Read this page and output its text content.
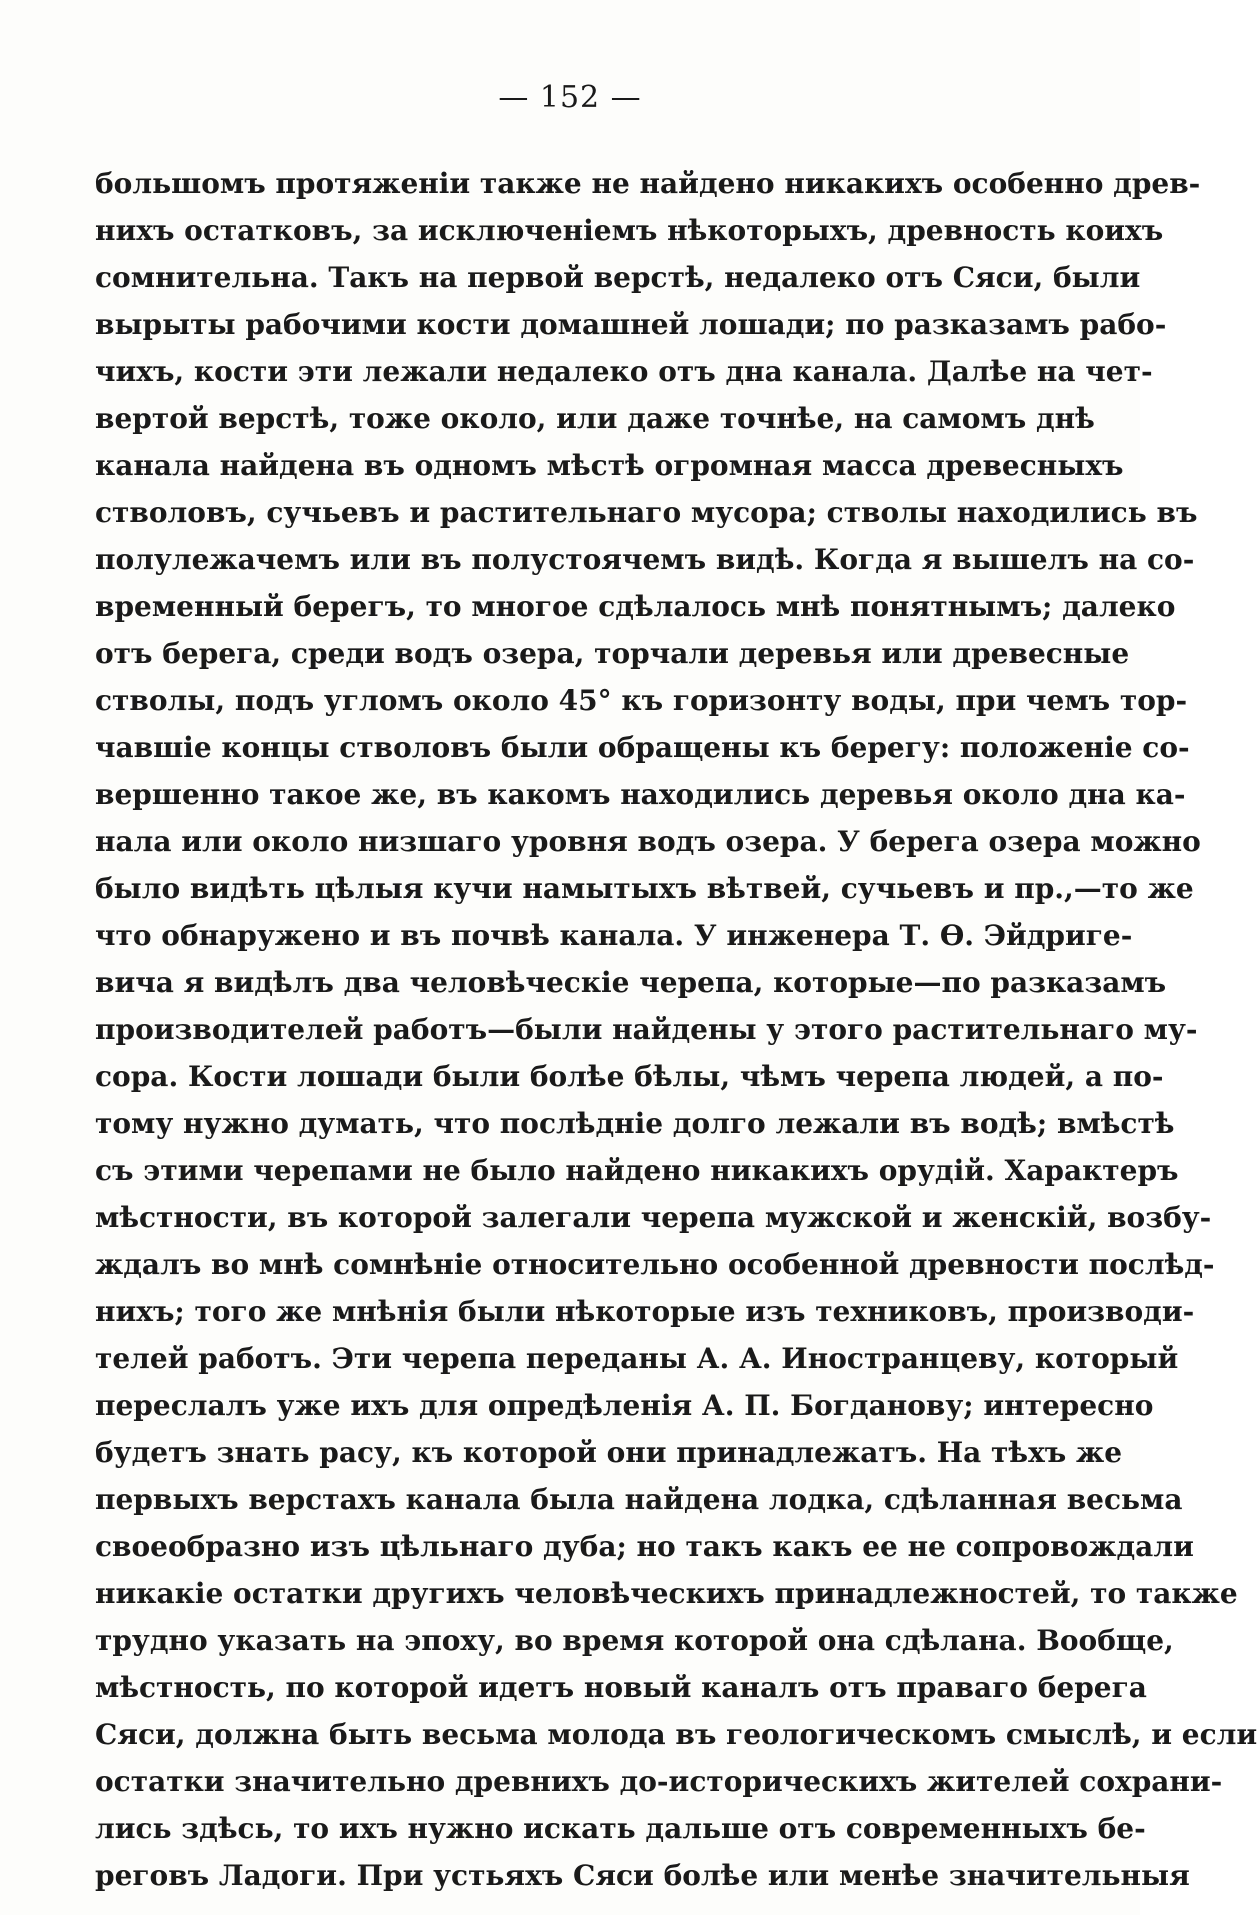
— 152 —
большомъ протяженіи также не найдено никакихъ особенно древ-
нихъ остатковъ, за исключеніемъ нѣкоторыхъ, древность коихъ
сомнительна. Такъ на первой верстѣ, недалеко отъ Сяси, были
вырыты рабочими кости домашней лошади; по разказамъ рабо-
чихъ, кости эти лежали недалеко отъ дна канала. Далѣе на чет-
вертой верстѣ, тоже около, или даже точнѣе, на самомъ днѣ
канала найдена въ одномъ мѣстѣ огромная масса древесныхъ
стволовъ, сучьевъ и растительнаго мусора; стволы находились въ
полулежачемъ или въ полустоячемъ видѣ. Когда я вышелъ на со-
временный берегъ, то многое сдѣлалось мнѣ понятнымъ; далеко
отъ берега, среди водъ озера, торчали деревья или древесные
стволы, подъ угломъ около 45° къ горизонту воды, при чемъ тор-
чавшіе концы стволовъ были обращены къ берегу: положеніе со-
вершенно такое же, въ какомъ находились деревья около дна ка-
нала или около низшаго уровня водъ озера. У берега озера можно
было видѣть цѣлыя кучи намытыхъ вѣтвей, сучьевъ и пр.,—то же
что обнаружено и въ почвѣ канала. У инженера Т. Ѳ. Эйдриге-
вича я видѣлъ два человѣческіе черепа, которые—по разказамъ
производителей работъ—были найдены у этого растительнаго му-
сора. Кости лошади были болѣе бѣлы, чѣмъ черепа людей, а по-
тому нужно думать, что послѣдніе долго лежали въ водѣ; вмѣстѣ
съ этими черепами не было найдено никакихъ орудій. Характеръ
мѣстности, въ которой залегали черепа мужской и женскій, возбу-
ждалъ во мнѣ сомнѣніе относительно особенной древности послѣд-
нихъ; того же мнѣнія были нѣкоторые изъ техниковъ, производи-
телей работъ. Эти черепа переданы А. А. Иностранцеву, который
переслалъ уже ихъ для опредѣленія А. П. Богданову; интересно
будетъ знать расу, къ которой они принадлежатъ. На тѣхъ же
первыхъ верстахъ канала была найдена лодка, сдѣланная весьма
своеобразно изъ цѣльнаго дуба; но такъ какъ ее не сопровождали
никакіе остатки другихъ человѣческихъ принадлежностей, то также
трудно указать на эпоху, во время которой она сдѣлана. Вообще,
мѣстность, по которой идетъ новый каналъ отъ праваго берега
Сяси, должна быть весьма молода въ геологическомъ смыслѣ, и если
остатки значительно древнихъ до-историческихъ жителей сохрани-
лись здѣсь, то ихъ нужно искать дальше отъ современныхъ бе-
реговъ Ладоги. При устьяхъ Сяси болѣе или менѣе значительныя
